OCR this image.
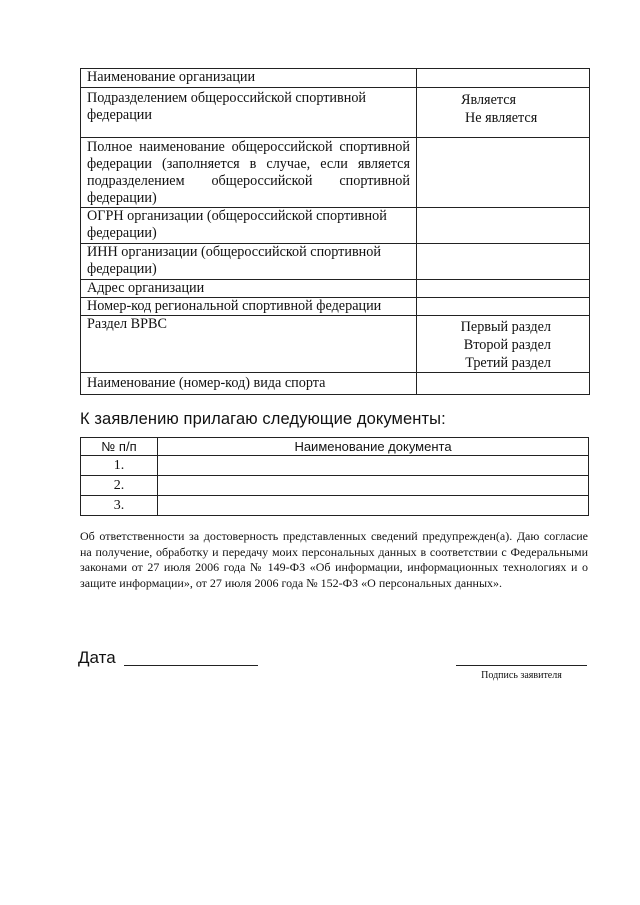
Наименование организации	
Подразделением общероссийской спортивной федерации	Является
Не является

Полное наименование общероссийской спортивной федерации (заполняется в случае, если является подразделением общероссийской спортивной федерации)	
ОГРН организации (общероссийской спортивной федерации)	
ИНН организации (общероссийской спортивной федерации)	
Адрес организации	
Номер-код региональной спортивной федерации	
Раздел ВРВС	Первый раздел
Второй раздел
Третий раздел

Наименование (номер-код) вида спорта	
К заявлению прилагаю следующие документы:
№ п/п	Наименование документа
1.	
2.	
3.	
Об ответственности за достоверность представленных сведений предупрежден(а). Даю согласие на получение, обработку и передачу моих персональных данных в соответствии с Федеральными законами от 27 июля 2006 года № 149-ФЗ «Об информации, информационных технологиях и о защите информации», от 27 июля 2006 года № 152-ФЗ «О персональных данных».
Дата
Подпись заявителя
